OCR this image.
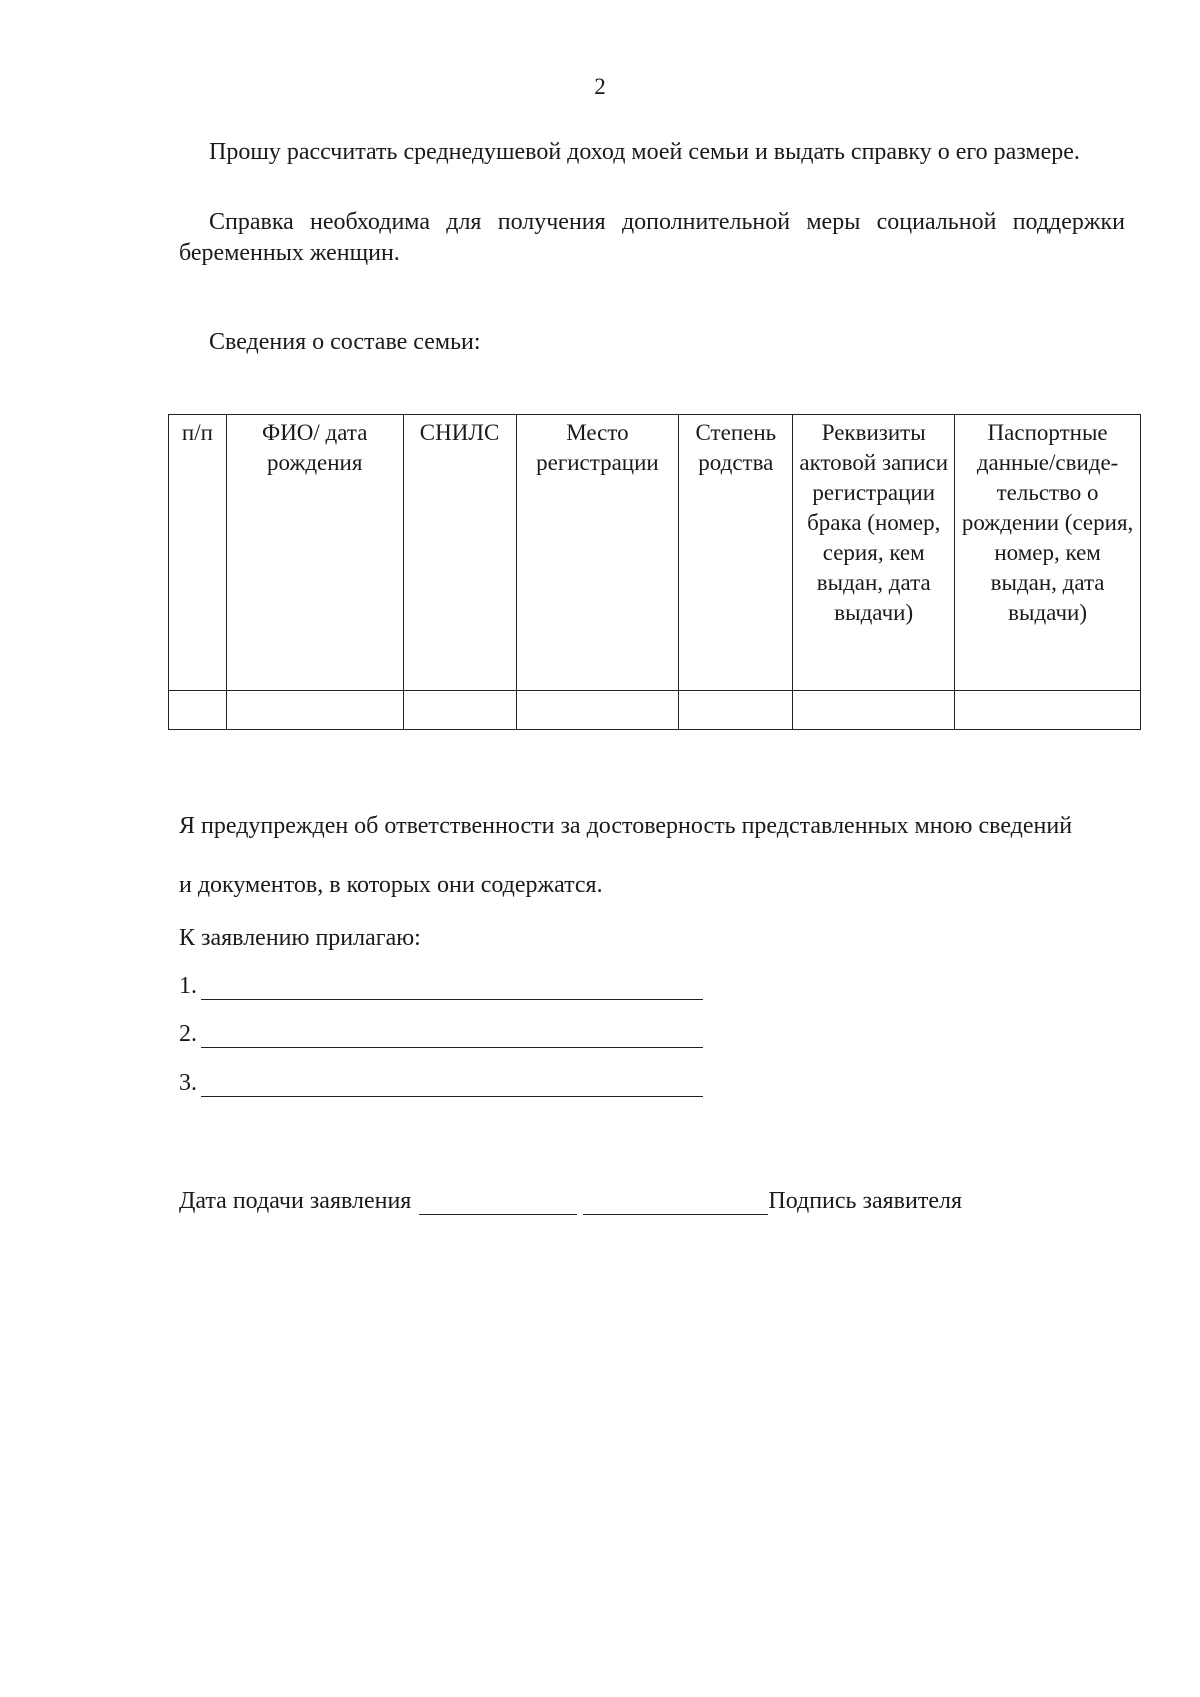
2

Прошу рассчитать среднедушевой доход моей семьи и выдать справку о его размере.

Справка необходима для получения дополнительной меры социальной поддержки беременных женщин.

Сведения о составе семьи:

п/п	ФИО/ дата рождения	СНИЛС	Место регистрации	Степень родства	Реквизиты актовой записи регистрации брака (номер, серия, кем выдан, дата выдачи)	Паспортные данные/свиде-тельство о рождении (серия, номер, кем выдан, дата выдачи)

Я предупрежден об ответственности за достоверность представленных мною сведений

и документов, в которых они содержатся.

К заявлению прилагаю:

1.
2.
3.
Дата подачи заявления	Подпись заявителя
